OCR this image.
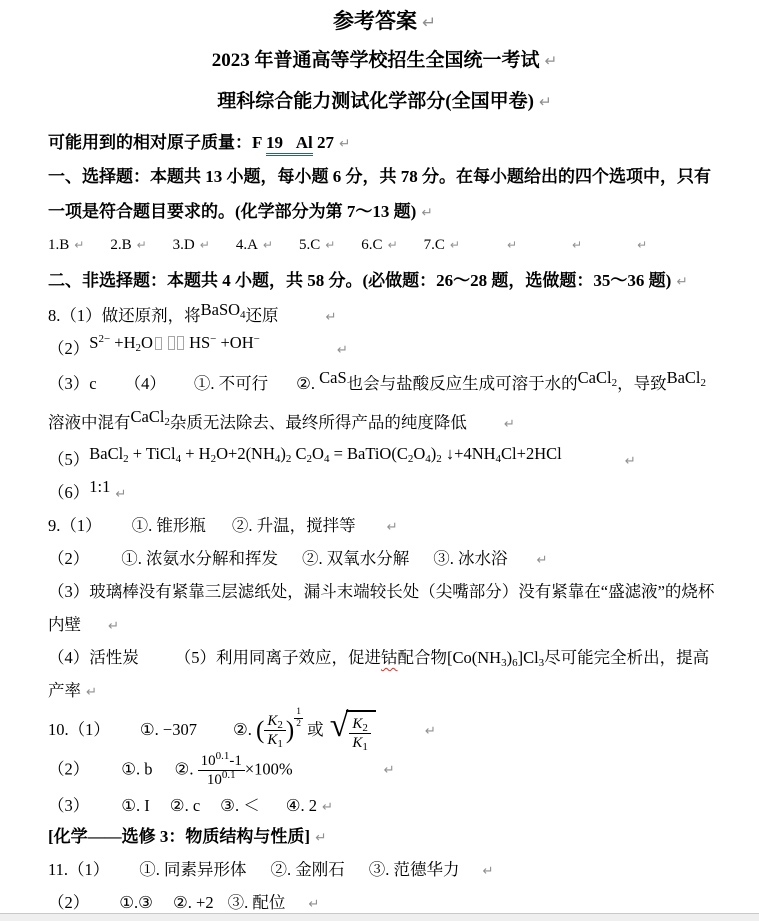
参考答案 ↵
2023 年普通高等学校招生全国统一考试 ↵
理科综合能力测试化学部分(全国甲卷) ↵
可能用到的相对原子质量：F 19   Al 27 ↵
一、选择题：本题共 13 小题，每小题 6 分，共 78 分。在每小题给出的四个选项中，只有一项是符合题目要求的。(化学部分为第 7～13 题) ↵
1.B ↵ 2.B ↵ 3.D ↵ 4.A ↵ 5.C ↵ 6.C ↵ 7.C ↵	↵	↵	↵
二、非选择题：本题共 4 小题，共 58 分。(必做题：26～28 题，选做题：35～36 题) ↵
8.（1）做还原剂，将BaSO$_4$还原	↵
$(2)S^{2-} +H_2O$ HS− +OH−↵
（3）c （4） ①. 不可行 ②. CaS也会与盐酸反应生成可溶于水的CaCl$_2$，导致BaCl$_2$溶液中混有CaCl$_2$杂质无法除去、最终所得产品的纯度降低	↵
（5）BaCl$_2$ + TiCl$_4$ + $H_2O+2(NH_4)_2$ $C_2O_4$ = $BaTiO(C_2O_4)_2$ $↓+4NH_4Cl+2HCl$	↵
（6）1:1 ↵
9.（1） ①. 锥形瓶 ②. 升温，搅拌等 ↵
（2） ①. 浓氨水分解和挥发 ②. 双氧水分解 ③. 冰水浴 ↵
（3）玻璃棒没有紧靠三层滤纸处，漏斗末端较长处（尖嘴部分）没有紧靠在“盛滤液”的烧杯内壁 ↵
（4）活性炭 （5）利用同离子效应，促进钴配合物$[Co(NH_3)_6]Cl_3$尽可能完全析出，提高产率 ↵
10.（1） ①. −307 ②. ( $\frac{K_2}{K_1}$ ) $^{\frac{1}{2}}$ 或 √ $\frac{K_2}{K_1}$	↵
（2） ①. b ②. $\frac{10^{0.1}-1}{10^{0.1}} \times 100\%$	↵
（3） ①. I ②. c ③. ＜ ④. 2 ↵
[化学——选修 3：物质结构与性质] ↵
11.（1） ①. 同素异形体 ②. 金刚石 ③. 范德华力 ↵
（2） ①.③ ②. +2 ③. 配位 ↵
